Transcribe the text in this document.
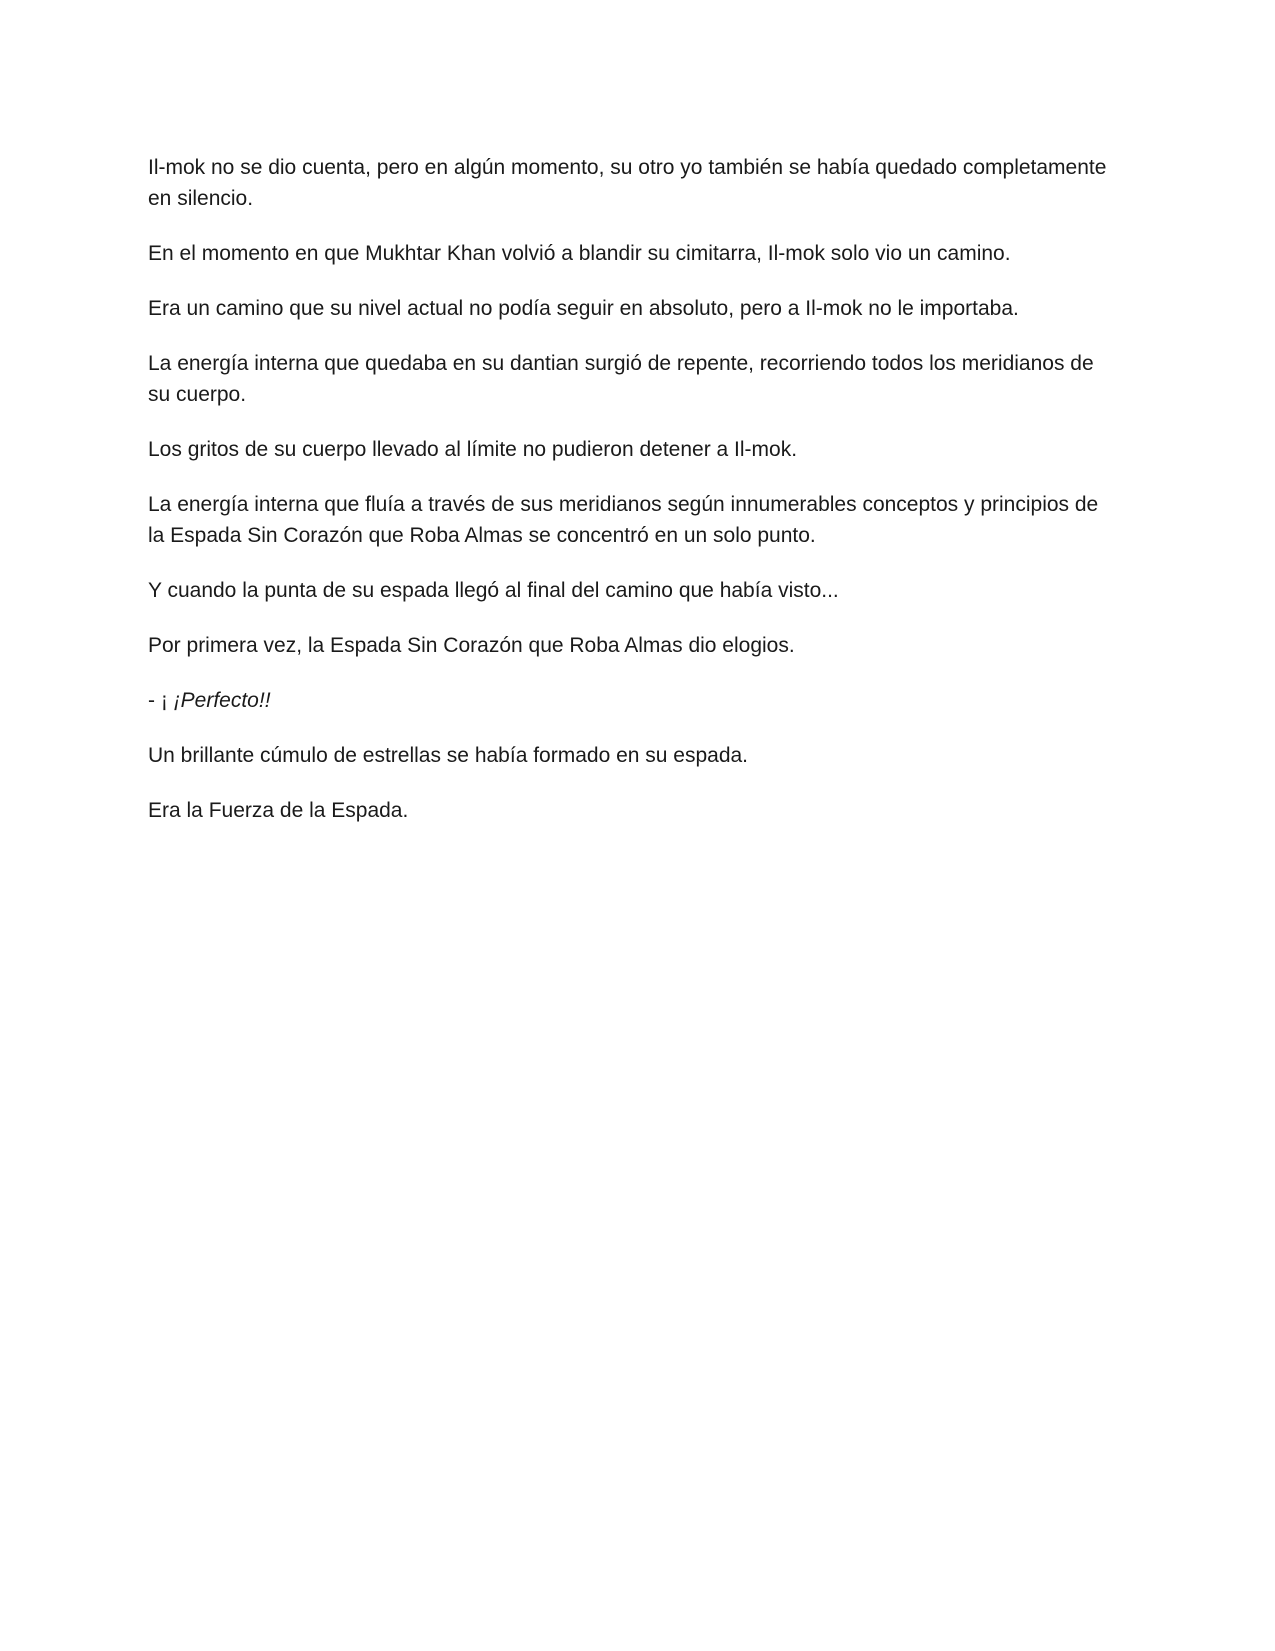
Il-mok no se dio cuenta, pero en algún momento, su otro yo también se había quedado completamente en silencio.

En el momento en que Mukhtar Khan volvió a blandir su cimitarra, Il-mok solo vio un camino.

Era un camino que su nivel actual no podía seguir en absoluto, pero a Il-mok no le importaba.

La energía interna que quedaba en su dantian surgió de repente, recorriendo todos los meridianos de su cuerpo.

Los gritos de su cuerpo llevado al límite no pudieron detener a Il-mok.

La energía interna que fluía a través de sus meridianos según innumerables conceptos y principios de la Espada Sin Corazón que Roba Almas se concentró en un solo punto.

Y cuando la punta de su espada llegó al final del camino que había visto...

Por primera vez, la Espada Sin Corazón que Roba Almas dio elogios.

- ¡ ¡Perfecto!!

Un brillante cúmulo de estrellas se había formado en su espada.

Era la Fuerza de la Espada.
